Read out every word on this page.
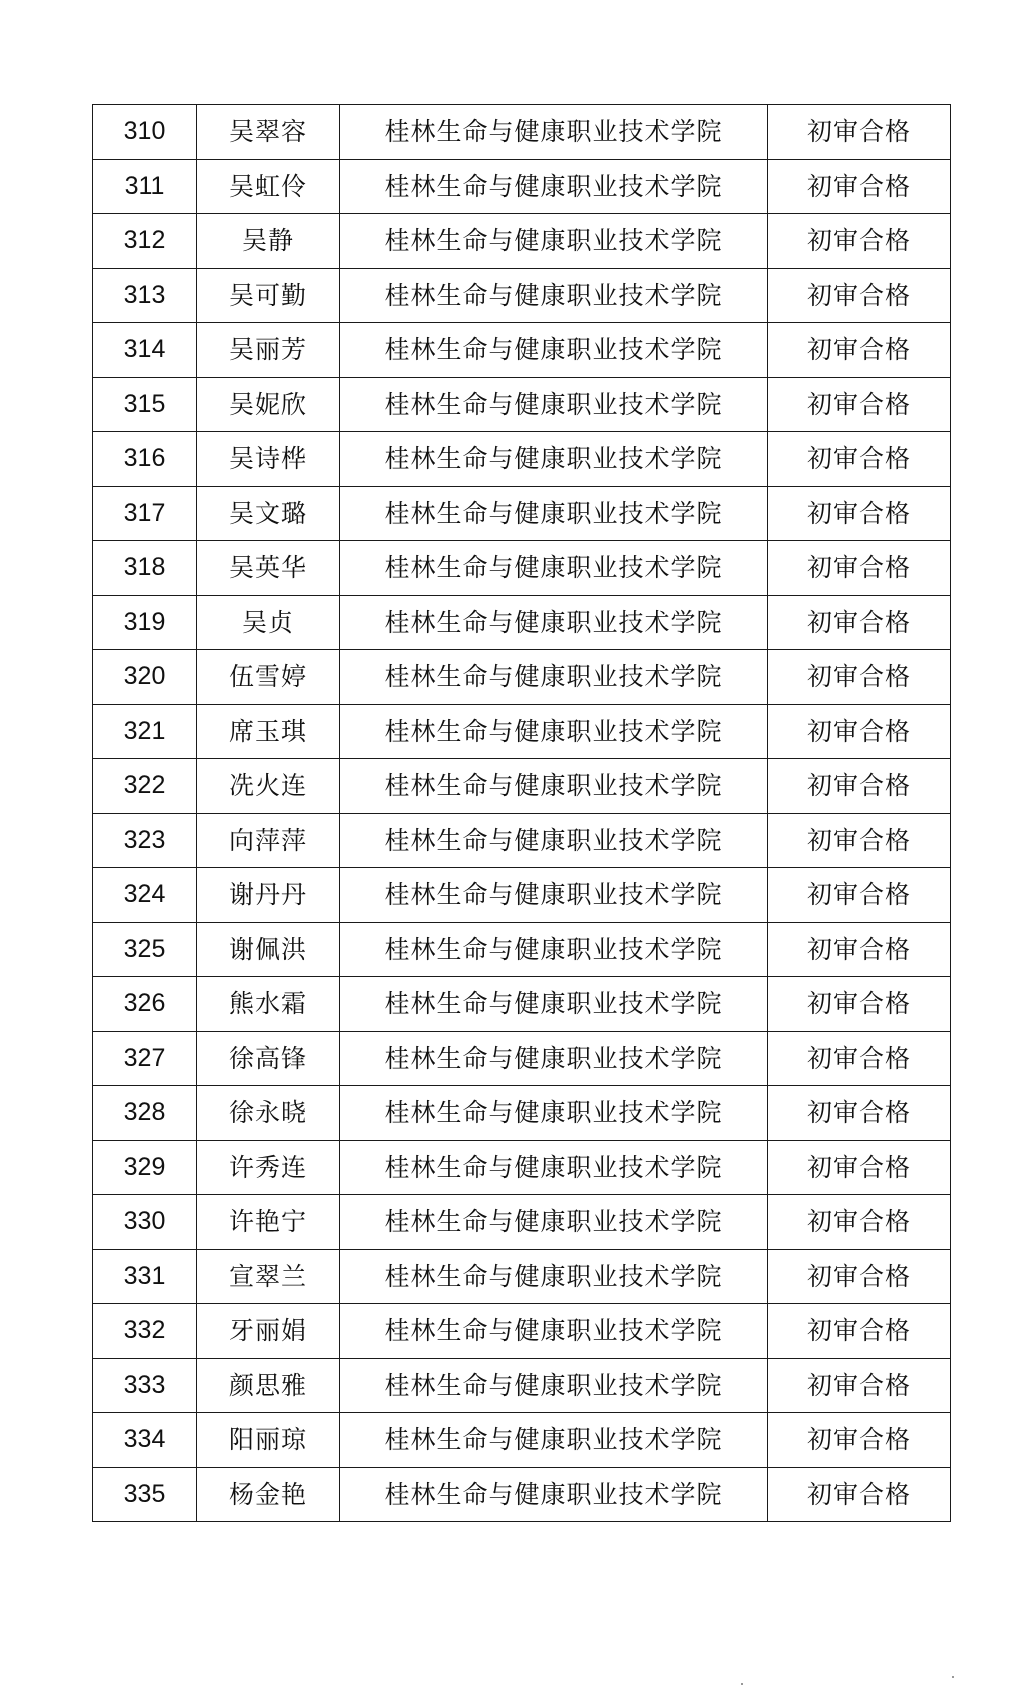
310	吴翠容	桂林生命与健康职业技术学院	初审合格
311	吴虹伶	桂林生命与健康职业技术学院	初审合格
312	吴静	桂林生命与健康职业技术学院	初审合格
313	吴可勤	桂林生命与健康职业技术学院	初审合格
314	吴丽芳	桂林生命与健康职业技术学院	初审合格
315	吴妮欣	桂林生命与健康职业技术学院	初审合格
316	吴诗桦	桂林生命与健康职业技术学院	初审合格
317	吴文璐	桂林生命与健康职业技术学院	初审合格
318	吴英华	桂林生命与健康职业技术学院	初审合格
319	吴贞	桂林生命与健康职业技术学院	初审合格
320	伍雪婷	桂林生命与健康职业技术学院	初审合格
321	席玉琪	桂林生命与健康职业技术学院	初审合格
322	冼火连	桂林生命与健康职业技术学院	初审合格
323	向萍萍	桂林生命与健康职业技术学院	初审合格
324	谢丹丹	桂林生命与健康职业技术学院	初审合格
325	谢佩洪	桂林生命与健康职业技术学院	初审合格
326	熊水霜	桂林生命与健康职业技术学院	初审合格
327	徐高锋	桂林生命与健康职业技术学院	初审合格
328	徐永晓	桂林生命与健康职业技术学院	初审合格
329	许秀连	桂林生命与健康职业技术学院	初审合格
330	许艳宁	桂林生命与健康职业技术学院	初审合格
331	宣翠兰	桂林生命与健康职业技术学院	初审合格
332	牙丽娟	桂林生命与健康职业技术学院	初审合格
333	颜思雅	桂林生命与健康职业技术学院	初审合格
334	阳丽琼	桂林生命与健康职业技术学院	初审合格
335	杨金艳	桂林生命与健康职业技术学院	初审合格
